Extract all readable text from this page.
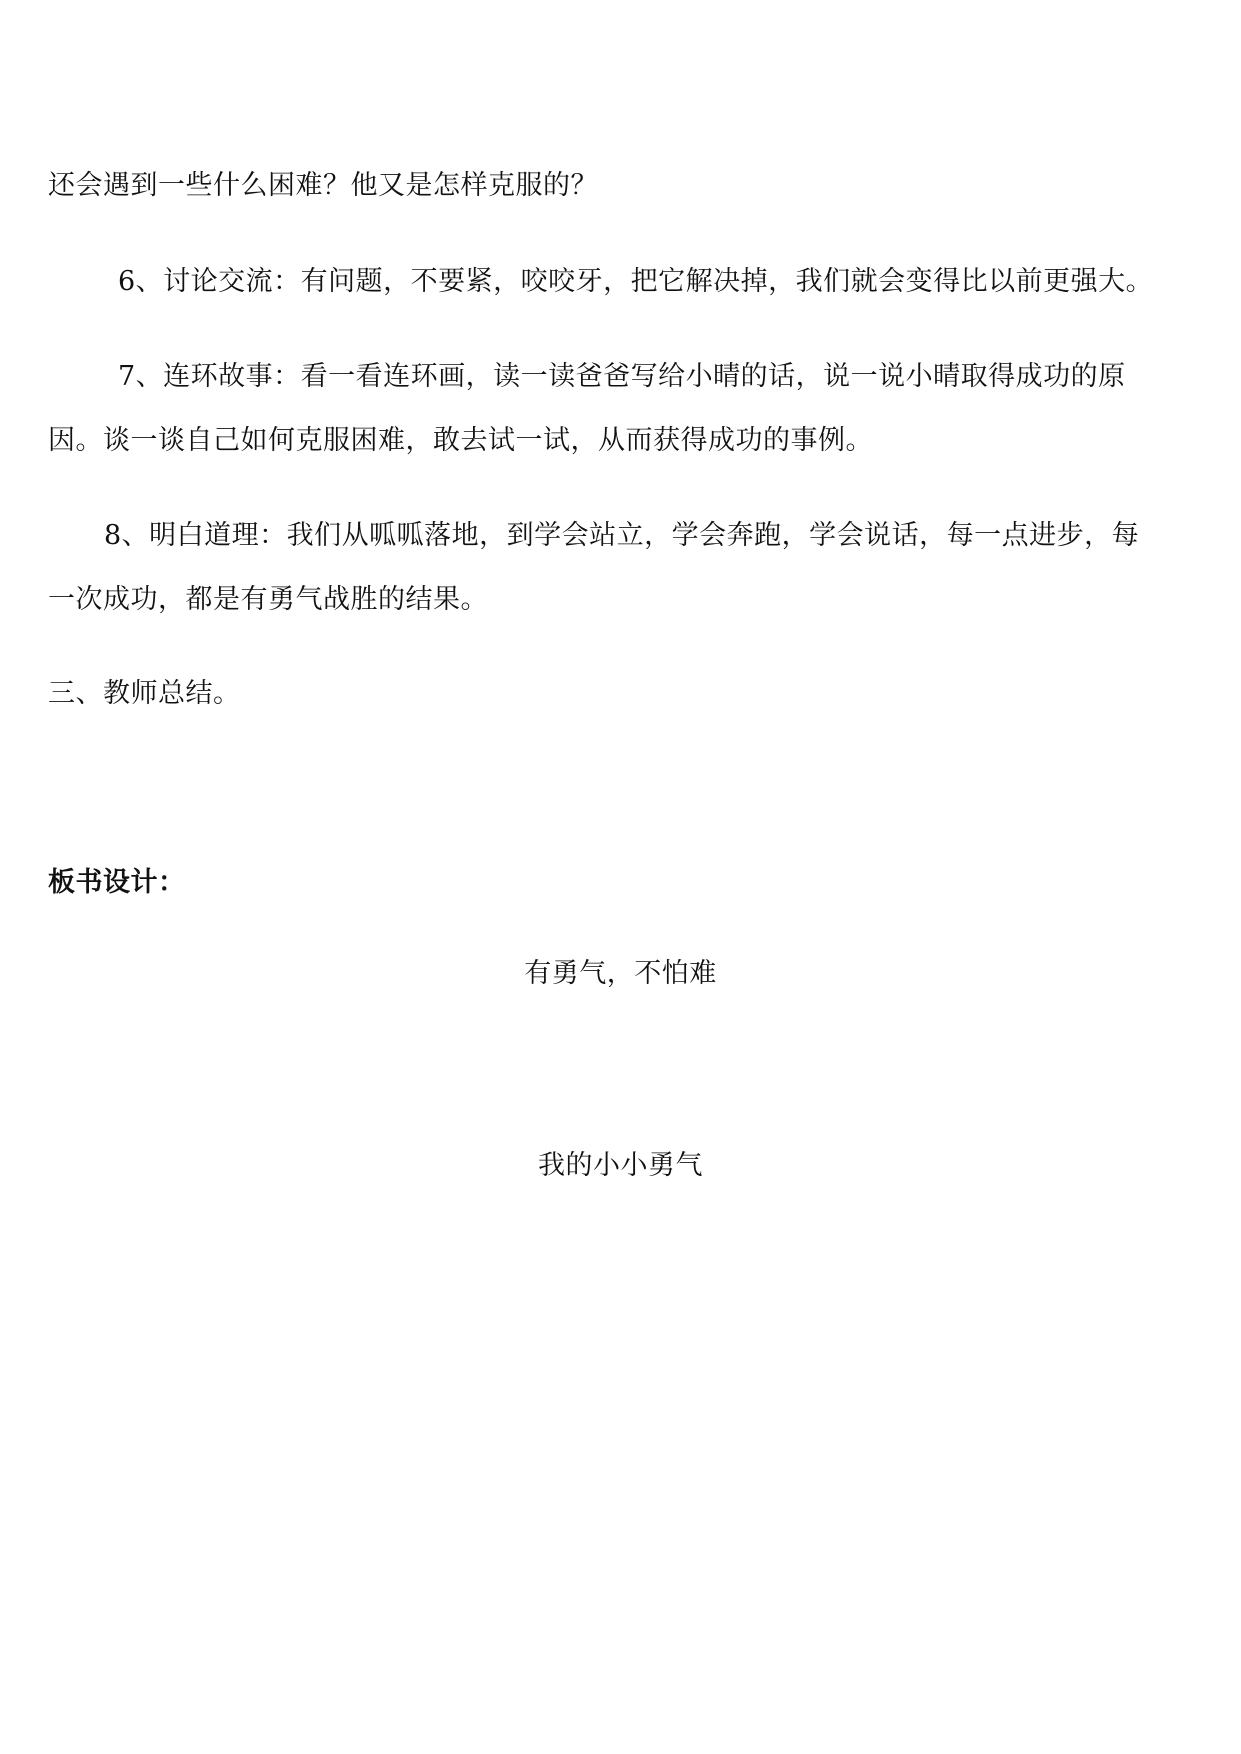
还会遇到一些什么困难？他又是怎样克服的？
6、讨论交流：有问题，不要紧，咬咬牙，把它解决掉，我们就会变得比以前更强大。
7、连环故事：看一看连环画，读一读爸爸写给小晴的话，说一说小晴取得成功的原
因。谈一谈自己如何克服困难，敢去试一试，从而获得成功的事例。
8、明白道理：我们从呱呱落地，到学会站立，学会奔跑，学会说话，每一点进步，每
一次成功，都是有勇气战胜的结果。
三、教师总结。
板书设计：
有勇气，不怕难
我的小小勇气
